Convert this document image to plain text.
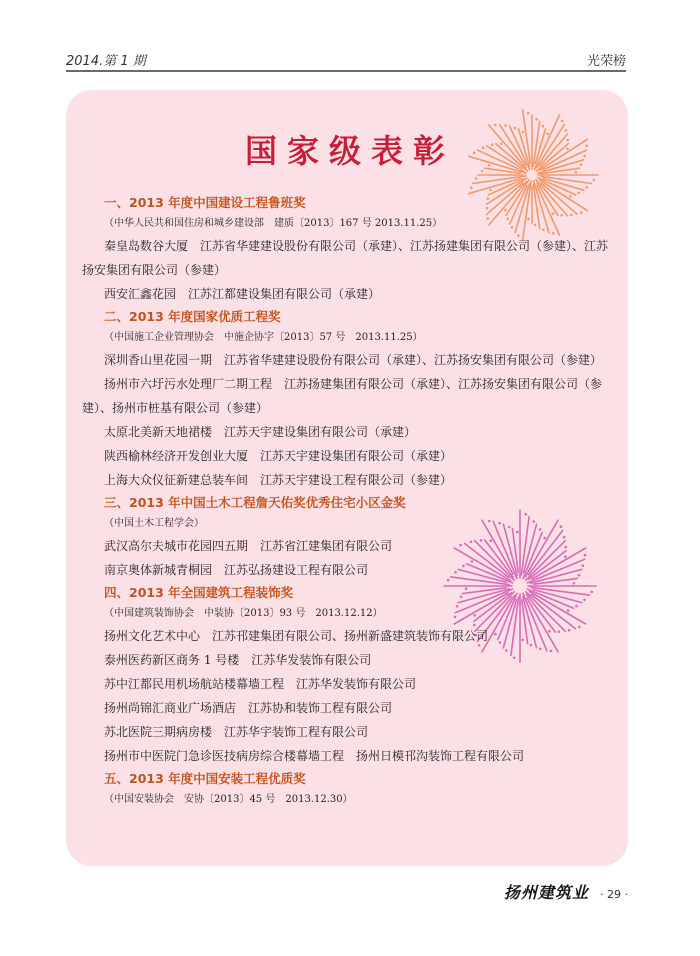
2014.第 1 期	光荣榜
国家级表彰
一、2013 年度中国建设工程鲁班奖
（中华人民共和国住房和城乡建设部　建质〔2013〕167 号 2013.11.25）
秦皇岛数谷大厦 江苏省华建建设股份有限公司（承建）、江苏扬建集团有限公司（参建）、江苏扬安集团有限公司（参建）
西安汇鑫花园 江苏江都建设集团有限公司（承建）
二、2013 年度国家优质工程奖
（中国施工企业管理协会　中施企协字〔2013〕57 号　2013.11.25）
深圳香山里花园一期 江苏省华建建设股份有限公司（承建）、江苏扬安集团有限公司（参建）
扬州市六圩污水处理厂二期工程 江苏扬建集团有限公司（承建）、江苏扬安集团有限公司（参建）、扬州市桩基有限公司（参建）
太原北美新天地裙楼 江苏天宇建设集团有限公司（承建）
陕西榆林经济开发创业大厦 江苏天宇建设集团有限公司（承建）
上海大众仪征新建总装车间 江苏天宇建设工程有限公司（参建）
三、2013 年中国土木工程詹天佑奖优秀住宅小区金奖
（中国土木工程学会）
武汉高尔夫城市花园四五期 江苏省江建集团有限公司
南京奥体新城青桐园 江苏弘扬建设工程有限公司
四、2013 年全国建筑工程装饰奖
（中国建筑装饰协会　中装协〔2013〕93 号　2013.12.12）
扬州文化艺术中心 江苏邗建集团有限公司、扬州新盛建筑装饰有限公司
泰州医药新区商务 1 号楼 江苏华发装饰有限公司
苏中江都民用机场航站楼幕墙工程 江苏华发装饰有限公司
扬州尚锦汇商业广场酒店 江苏协和装饰工程有限公司
苏北医院三期病房楼 江苏华宇装饰工程有限公司
扬州市中医院门急诊医技病房综合楼幕墙工程 扬州日模邗沟装饰工程有限公司
五、2013 年度中国安装工程优质奖
（中国安装协会　安协〔2013〕45 号　2013.12.30）
扬州建筑业 · 29 ·
